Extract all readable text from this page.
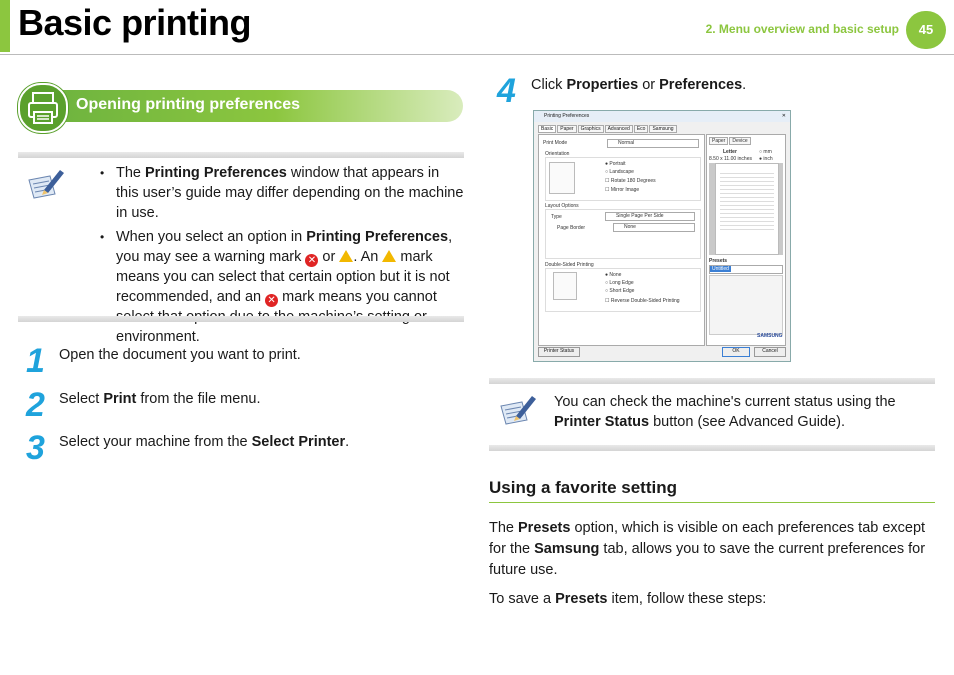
Basic printing	2. Menu overview and basic setup	45
Opening printing preferences
• The Printing Preferences window that appears in this user’s guide may differ depending on the machine in use.
• When you select an option in Printing Preferences, you may see a warning mark ✕ or . An  mark means you can select that certain option but it is not recommended, and an ✕ mark means you cannot environment.
1 Open the document you want to print.
2 Select Print from the file menu.
3 Select your machine from the Select Printer.
4 Click Properties or Preferences.
Printing Preferences	✕
Basic Paper Graphics Advanced Eco Samsung
Print Mode	Normal
Orientation
● Portrait
○ Landscape
☐ Rotate 180 Degrees
☐ Mirror Image
Layout Options
Type	Single Page Per Side
Page Border	None
Double-Sided Printing
● None
○ Long Edge
○ Short Edge
☐ Reverse Double-Sided Printing
Paper Device
Letter
8.50 x 11.00 inches
○ mm
● inch
Presets
Untitled
SAMSUNG
Printer Status	OK	Cancel
You can check the machine's current status using the Printer Status button (see Advanced Guide).
Using a favorite setting
The Presets option, which is visible on each preferences tab except for the Samsung tab, allows you to save the current preferences for future use.
To save a Presets item, follow these steps:
